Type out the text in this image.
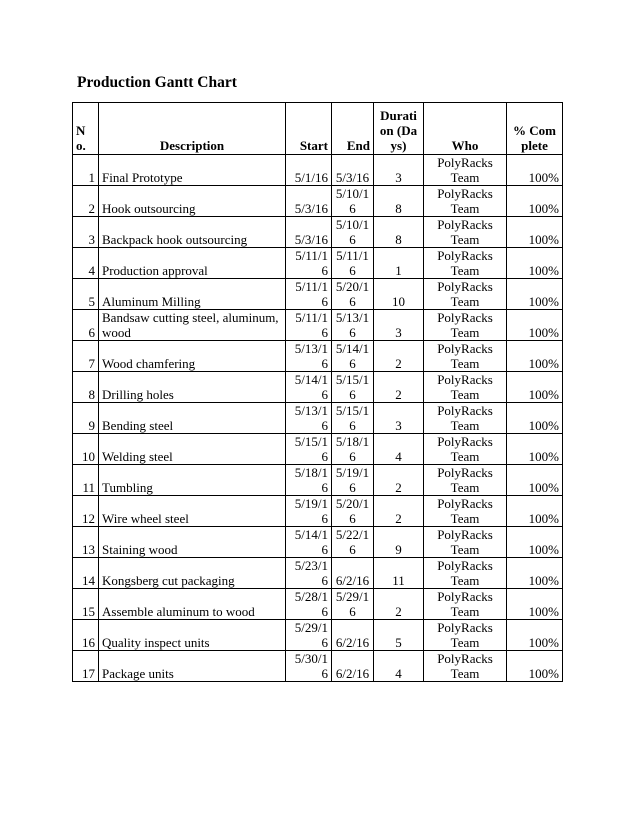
Production Gantt Chart
No.	Description	Start	End	Duration (Days)	Who	% Complete
1	Final Prototype	5/1/16	5/3/16	3	PolyRacks Team	100%
2	Hook outsourcing	5/3/16	5/10/16	8	PolyRacks Team	100%
3	Backpack hook outsourcing	5/3/16	5/10/16	8	PolyRacks Team	100%
4	Production approval	5/11/16	5/11/16	1	PolyRacks Team	100%
5	Aluminum Milling	5/11/16	5/20/16	10	PolyRacks Team	100%
6	Bandsaw cutting steel, aluminum, wood	5/11/16	5/13/16	3	PolyRacks Team	100%
7	Wood chamfering	5/13/16	5/14/16	2	PolyRacks Team	100%
8	Drilling holes	5/14/16	5/15/16	2	PolyRacks Team	100%
9	Bending steel	5/13/16	5/15/16	3	PolyRacks Team	100%
10	Welding steel	5/15/16	5/18/16	4	PolyRacks Team	100%
11	Tumbling	5/18/16	5/19/16	2	PolyRacks Team	100%
12	Wire wheel steel	5/19/16	5/20/16	2	PolyRacks Team	100%
13	Staining wood	5/14/16	5/22/16	9	PolyRacks Team	100%
14	Kongsberg cut packaging	5/23/16	6/2/16	11	PolyRacks Team	100%
15	Assemble aluminum to wood	5/28/16	5/29/16	2	PolyRacks Team	100%
16	Quality inspect units	5/29/16	6/2/16	5	PolyRacks Team	100%
17	Package units	5/30/16	6/2/16	4	PolyRacks Team	100%
